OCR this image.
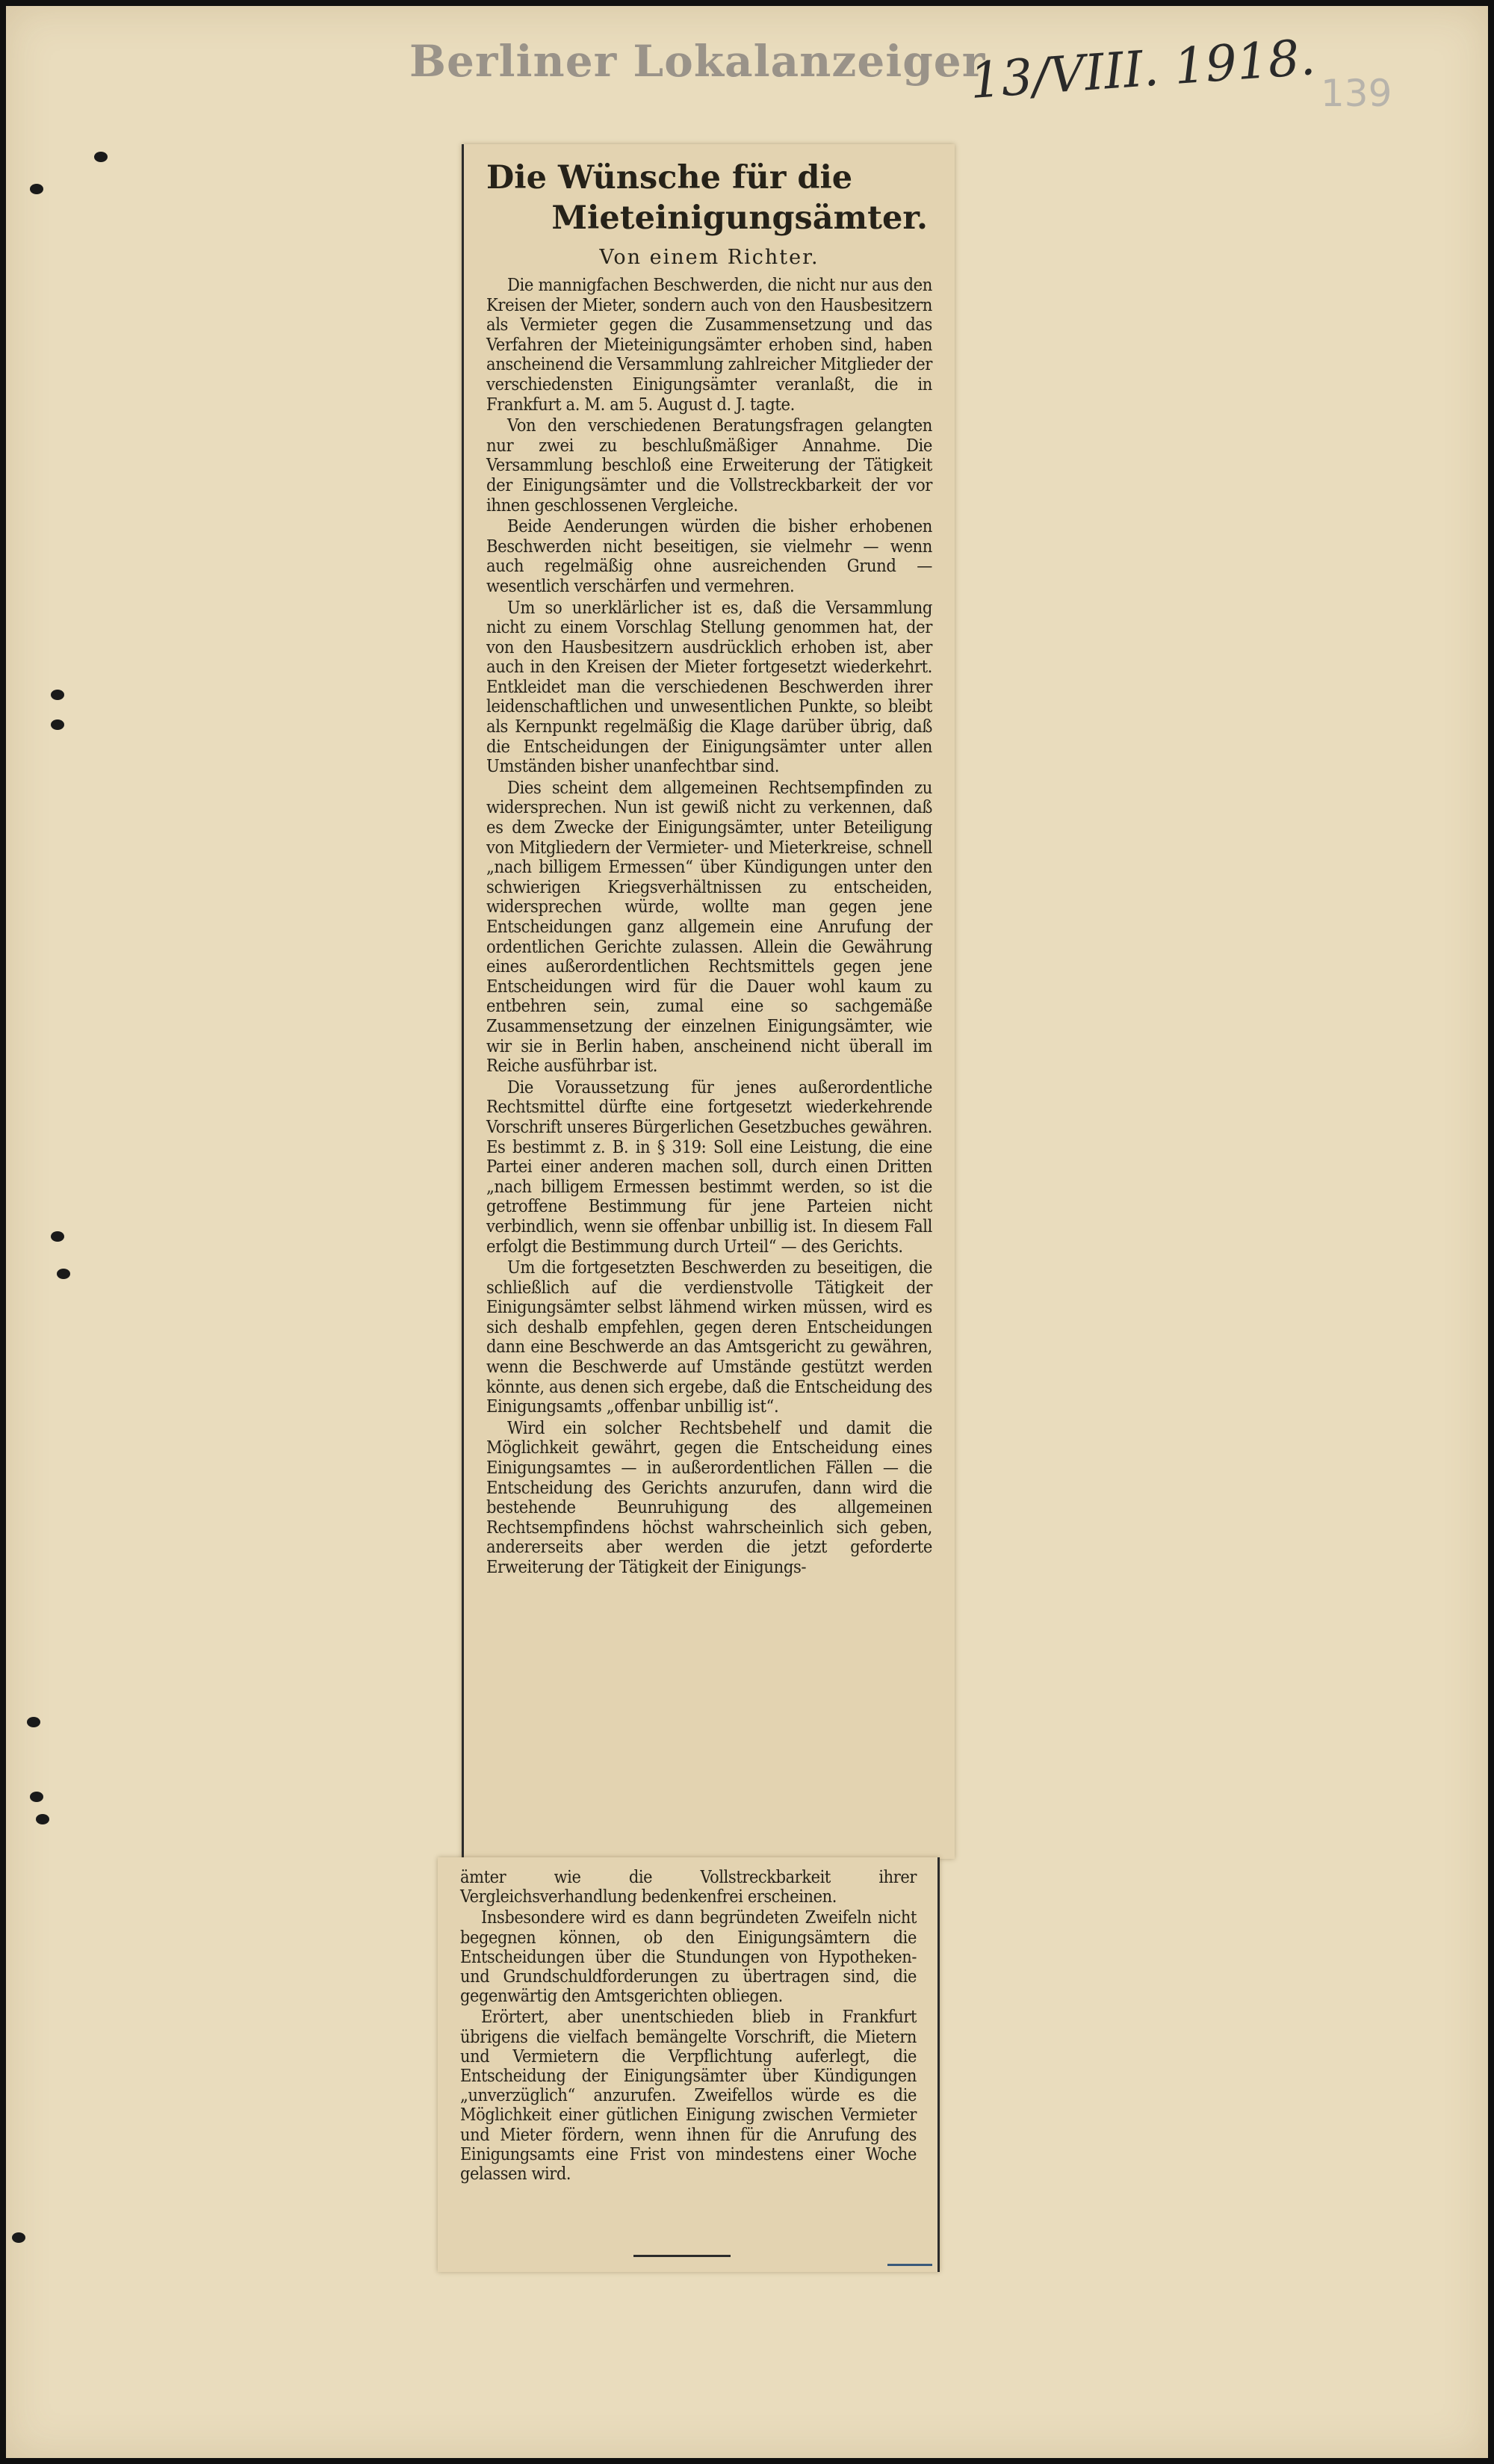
Berliner Lokalanzeiger
13/VIII. 1918. 139
Die Wünsche für die
Mieteinigungsämter.
Von einem Richter.

Die mannigfachen Beschwerden, die nicht nur aus den Kreisen der Mieter, sondern auch von den Hausbesitzern als Vermieter gegen die Zusammensetzung und das Verfahren der Mieteinigungsämter erhoben sind, haben anscheinend die Versammlung zahlreicher Mitglieder der verschiedensten Einigungsämter veranlaßt, die in Frankfurt a. M. am 5. August d. J. tagte.

Von den verschiedenen Beratungsfragen gelangten nur zwei zu beschlußmäßiger Annahme. Die Versammlung beschloß eine Erweiterung der Tätigkeit der Einigungsämter und die Vollstreckbarkeit der vor ihnen geschlossenen Vergleiche.

Beide Aenderungen würden die bisher erhobenen Beschwerden nicht beseitigen, sie vielmehr — wenn auch regelmäßig ohne ausreichenden Grund — wesentlich verschärfen und vermehren.

Um so unerklärlicher ist es, daß die Versammlung nicht zu einem Vorschlag Stellung genommen hat, der von den Hausbesitzern ausdrücklich erhoben ist, aber auch in den Kreisen der Mieter fortgesetzt wiederkehrt. Entkleidet man die verschiedenen Beschwerden ihrer leidenschaftlichen und unwesentlichen Punkte, so bleibt als Kernpunkt regelmäßig die Klage darüber übrig, daß die Entscheidungen der Einigungsämter unter allen Umständen bisher unanfechtbar sind.

Dies scheint dem allgemeinen Rechtsempfinden zu widersprechen. Nun ist gewiß nicht zu verkennen, daß es dem Zwecke der Einigungsämter, unter Beteiligung von Mitgliedern der Vermieter- und Mieterkreise, schnell „nach billigem Ermessen“ über Kündigungen unter den schwierigen Kriegsverhältnissen zu entscheiden, widersprechen würde, wollte man gegen jene Entscheidungen ganz allgemein eine Anrufung der ordentlichen Gerichte zulassen. Allein die Gewährung eines außerordentlichen Rechtsmittels gegen jene Entscheidungen wird für die Dauer wohl kaum zu entbehren sein, zumal eine so sachgemäße Zusammensetzung der einzelnen Einigungsämter, wie wir sie in Berlin haben, anscheinend nicht überall im Reiche ausführbar ist.

Die Voraussetzung für jenes außerordentliche Rechtsmittel dürfte eine fortgesetzt wiederkehrende Vorschrift unseres Bürgerlichen Gesetzbuches gewähren. Es bestimmt z. B. in § 319: Soll eine Leistung, die eine Partei einer anderen machen soll, durch einen Dritten „nach billigem Ermessen bestimmt werden, so ist die getroffene Bestimmung für jene Parteien nicht verbindlich, wenn sie offenbar unbillig ist. In diesem Fall erfolgt die Bestimmung durch Urteil“ — des Gerichts.

Um die fortgesetzten Beschwerden zu beseitigen, die schließlich auf die verdienstvolle Tätigkeit der Einigungsämter selbst lähmend wirken müssen, wird es sich deshalb empfehlen, gegen deren Entscheidungen dann eine Beschwerde an das Amtsgericht zu gewähren, wenn die Beschwerde auf Umstände gestützt werden könnte, aus denen sich ergebe, daß die Entscheidung des Einigungsamts „offenbar unbillig ist“.

Wird ein solcher Rechtsbehelf und damit die Möglichkeit gewährt, gegen die Entscheidung eines Einigungsamtes — in außerordentlichen Fällen — die Entscheidung des Gerichts anzurufen, dann wird die bestehende Beunruhigung des allgemeinen Rechtsempfindens höchst wahrscheinlich sich geben, andererseits aber werden die jetzt geforderte Erweiterung der Tätigkeit der Einigungs-

ämter wie die Vollstreckbarkeit ihrer Vergleichsverhandlung bedenkenfrei erscheinen.

Insbesondere wird es dann begründeten Zweifeln nicht begegnen können, ob den Einigungsämtern die Entscheidungen über die Stundungen von Hypotheken- und Grundschuldforderungen zu übertragen sind, die gegenwärtig den Amtsgerichten obliegen.

Erörtert, aber unentschieden blieb in Frankfurt übrigens die vielfach bemängelte Vorschrift, die Mietern und Vermietern die Verpflichtung auferlegt, die Entscheidung der Einigungsämter über Kündigungen „unverzüglich“ anzurufen. Zweifellos würde es die Möglichkeit einer gütlichen Einigung zwischen Vermieter und Mieter fördern, wenn ihnen für die Anrufung des Einigungsamts eine Frist von mindestens einer Woche gelassen wird.
